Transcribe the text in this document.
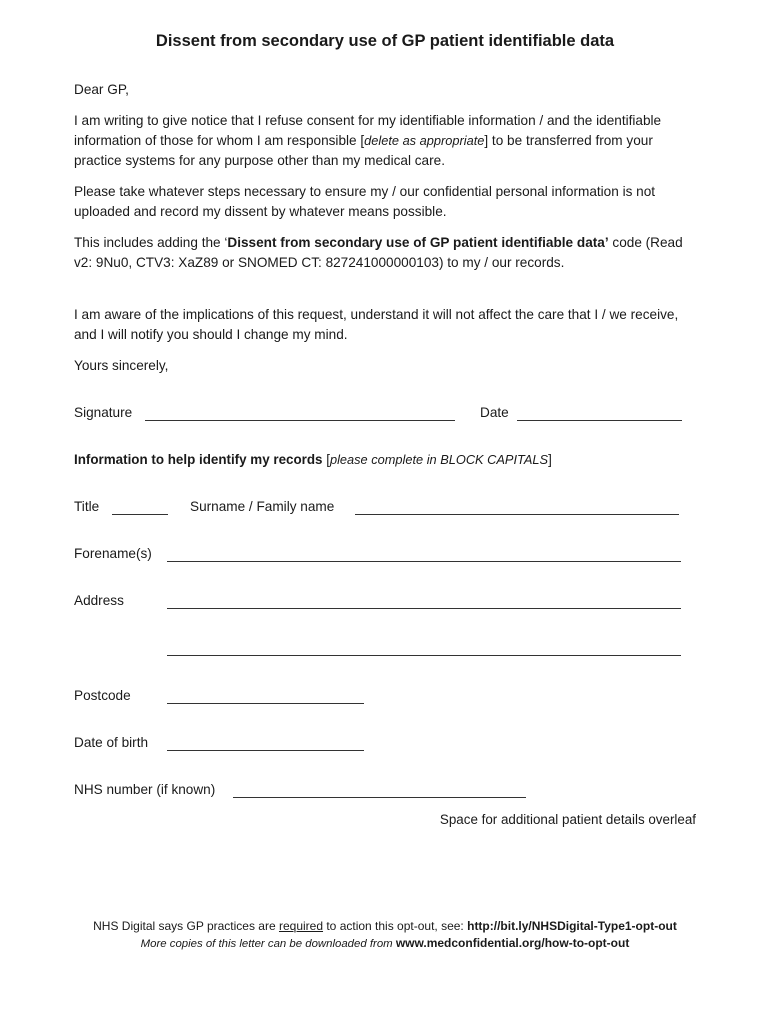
Dissent from secondary use of GP patient identifiable data
Dear GP,
I am writing to give notice that I refuse consent for my identifiable information / and the identifiable information of those for whom I am responsible [delete as appropriate] to be transferred from your practice systems for any purpose other than my medical care.
Please take whatever steps necessary to ensure my / our confidential personal information is not uploaded and record my dissent by whatever means possible.
This includes adding the ‘Dissent from secondary use of GP patient identifiable data’ code (Read v2: 9Nu0, CTV3: XaZ89 or SNOMED CT: 827241000000103) to my / our records.
I am aware of the implications of this request, understand it will not affect the care that I / we receive, and I will notify you should I change my mind.
Yours sincerely,
Signature	Date
Information to help identify my records [please complete in BLOCK CAPITALS]
Title	Surname / Family name
Forename(s)
Address
Postcode
Date of birth
NHS number (if known)
Space for additional patient details overleaf
NHS Digital says GP practices are required to action this opt-out, see: http://bit.ly/NHSDigital-Type1-opt-out
More copies of this letter can be downloaded from www.medconfidential.org/how-to-opt-out
